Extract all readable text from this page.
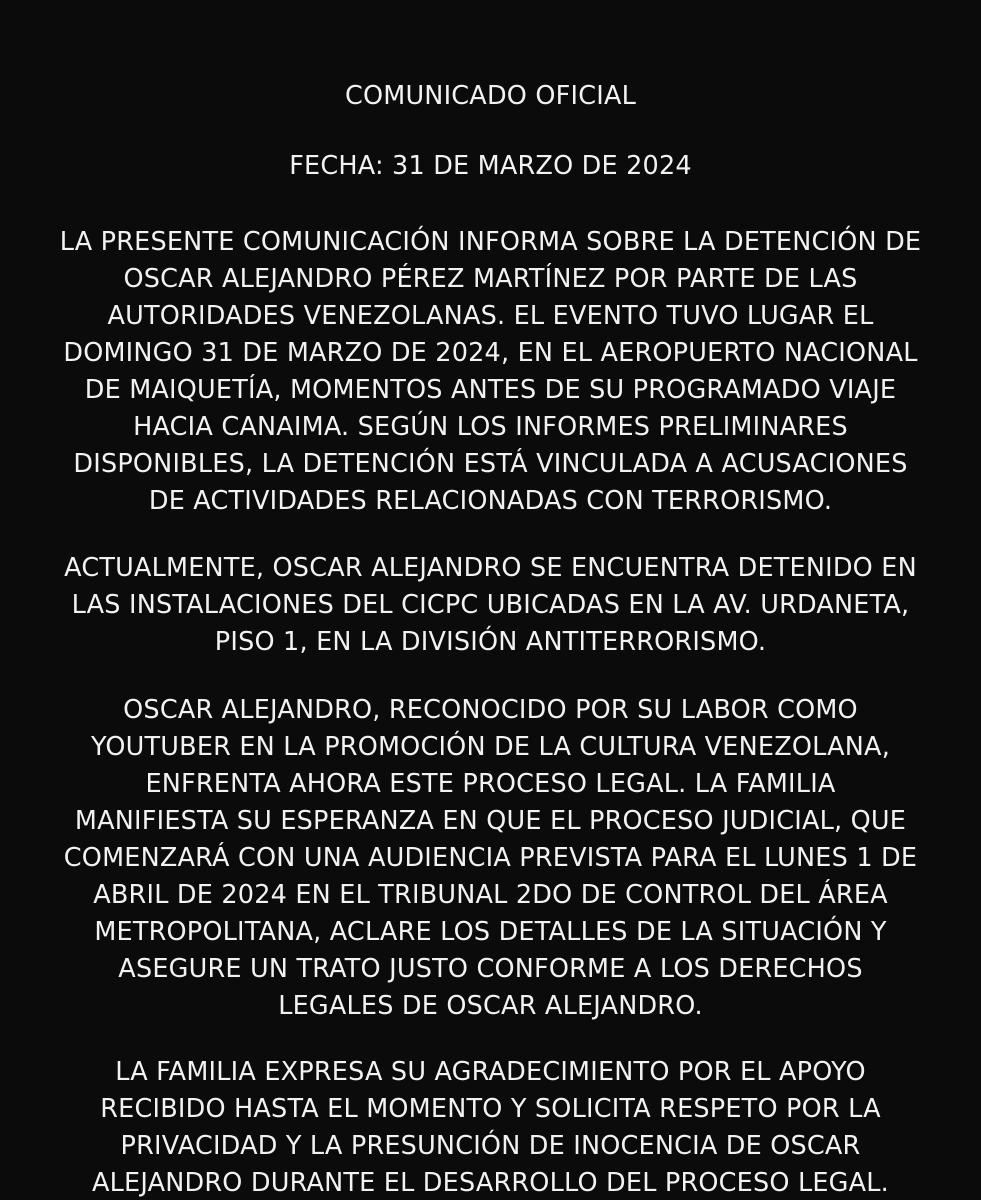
COMUNICADO OFICIAL
FECHA: 31 DE MARZO DE 2024
LA PRESENTE COMUNICACIÓN INFORMA SOBRE LA DETENCIÓN DE
OSCAR ALEJANDRO PÉREZ MARTÍNEZ POR PARTE DE LAS
AUTORIDADES VENEZOLANAS. EL EVENTO TUVO LUGAR EL
DOMINGO 31 DE MARZO DE 2024, EN EL AEROPUERTO NACIONAL
DE MAIQUETÍA, MOMENTOS ANTES DE SU PROGRAMADO VIAJE
HACIA CANAIMA. SEGÚN LOS INFORMES PRELIMINARES
DISPONIBLES, LA DETENCIÓN ESTÁ VINCULADA A ACUSACIONES
DE ACTIVIDADES RELACIONADAS CON TERRORISMO.
ACTUALMENTE, OSCAR ALEJANDRO SE ENCUENTRA DETENIDO EN
LAS INSTALACIONES DEL CICPC UBICADAS EN LA AV. URDANETA,
PISO 1, EN LA DIVISIÓN ANTITERRORISMO.
OSCAR ALEJANDRO, RECONOCIDO POR SU LABOR COMO
YOUTUBER EN LA PROMOCIÓN DE LA CULTURA VENEZOLANA,
ENFRENTA AHORA ESTE PROCESO LEGAL. LA FAMILIA
MANIFIESTA SU ESPERANZA EN QUE EL PROCESO JUDICIAL, QUE
COMENZARÁ CON UNA AUDIENCIA PREVISTA PARA EL LUNES 1 DE
ABRIL DE 2024 EN EL TRIBUNAL 2DO DE CONTROL DEL ÁREA
METROPOLITANA, ACLARE LOS DETALLES DE LA SITUACIÓN Y
ASEGURE UN TRATO JUSTO CONFORME A LOS DERECHOS
LEGALES DE OSCAR ALEJANDRO.
LA FAMILIA EXPRESA SU AGRADECIMIENTO POR EL APOYO
RECIBIDO HASTA EL MOMENTO Y SOLICITA RESPETO POR LA
PRIVACIDAD Y LA PRESUNCIÓN DE INOCENCIA DE OSCAR
ALEJANDRO DURANTE EL DESARROLLO DEL PROCESO LEGAL.
